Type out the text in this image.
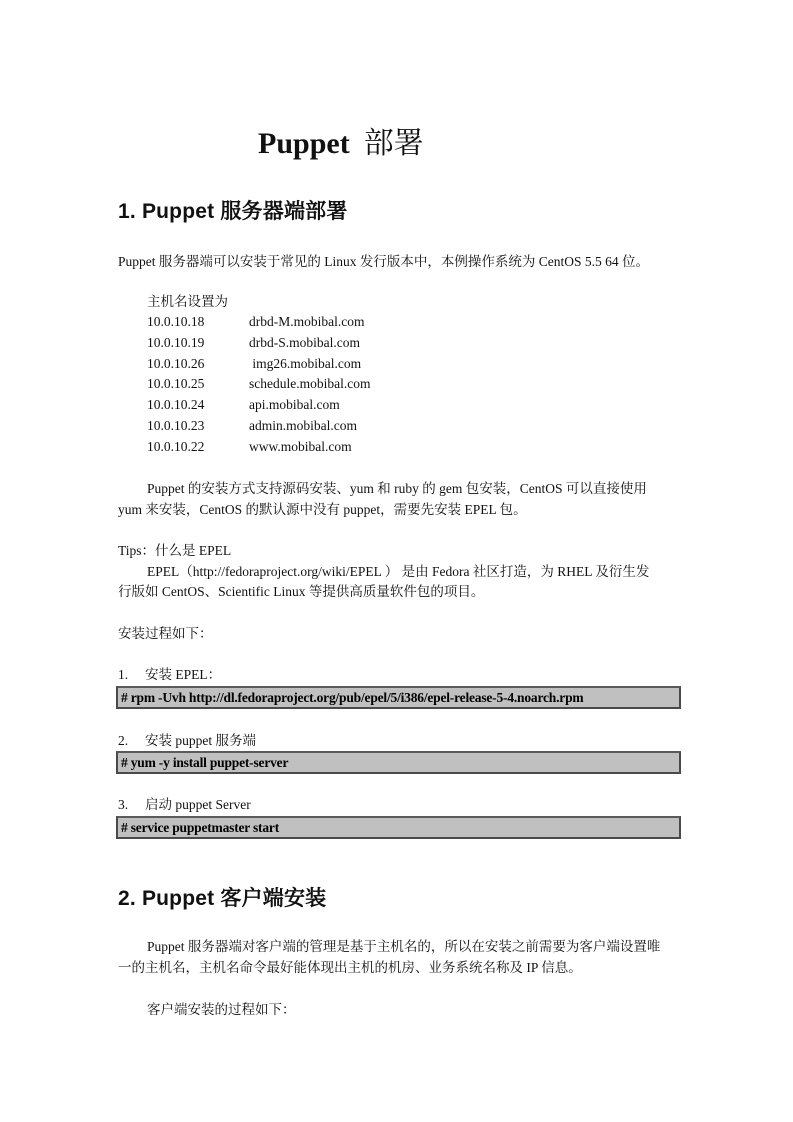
Puppet 部署
1. Puppet 服务器端部署
Puppet 服务器端可以安装于常见的 Linux 发行版本中，本例操作系统为 CentOS 5.5 64 位。
主机名设置为
10.0.10.18	drbd-M.mobibal.com
10.0.10.19	drbd-S.mobibal.com
10.0.10.26	img26.mobibal.com
10.0.10.25	schedule.mobibal.com
10.0.10.24	api.mobibal.com
10.0.10.23	admin.mobibal.com
10.0.10.22	www.mobibal.com
Puppet 的安装方式支持源码安装、yum 和 ruby 的 gem 包安装，CentOS 可以直接使用
yum 来安装，CentOS 的默认源中没有 puppet，需要先安装 EPEL 包。
Tips：什么是 EPEL
EPEL（http://fedoraproject.org/wiki/EPEL ） 是由 Fedora 社区打造，为 RHEL 及衍生发
行版如 CentOS、Scientific Linux 等提供高质量软件包的项目。
安装过程如下：
1. 安装 EPEL：
# rpm -Uvh http://dl.fedoraproject.org/pub/epel/5/i386/epel-release-5-4.noarch.rpm
2. 安装 puppet 服务端
# yum -y install puppet-server
3. 启动 puppet Server
# service puppetmaster start
2. Puppet 客户端安装
Puppet 服务器端对客户端的管理是基于主机名的，所以在安装之前需要为客户端设置唯
一的主机名，主机名命令最好能体现出主机的机房、业务系统名称及 IP 信息。
客户端安装的过程如下：
